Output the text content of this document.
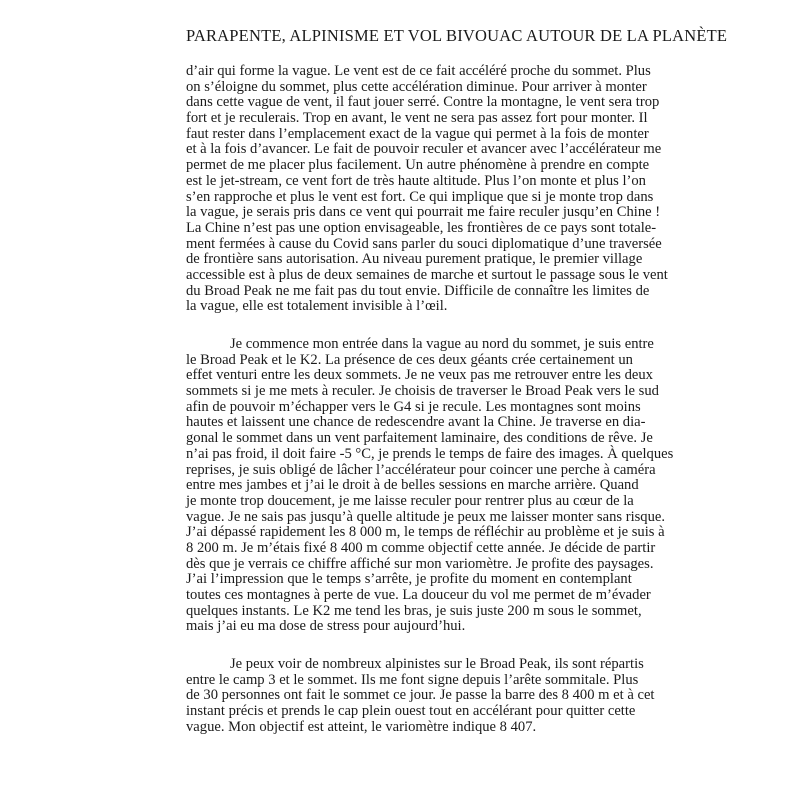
PARAPENTE, ALPINISME ET VOL BIVOUAC AUTOUR DE LA PLANÈTE
d’air qui forme la vague. Le vent est de ce fait accéléré proche du sommet. Plus
on s’éloigne du sommet, plus cette accélération diminue. Pour arriver à monter
dans cette vague de vent, il faut jouer serré. Contre la montagne, le vent sera trop
fort et je reculerais. Trop en avant, le vent ne sera pas assez fort pour monter. Il
faut rester dans l’emplacement exact de la vague qui permet à la fois de monter
et à la fois d’avancer. Le fait de pouvoir reculer et avancer avec l’accélérateur me
permet de me placer plus facilement. Un autre phénomène à prendre en compte
est le jet-stream, ce vent fort de très haute altitude. Plus l’on monte et plus l’on
s’en rapproche et plus le vent est fort. Ce qui implique que si je monte trop dans
la vague, je serais pris dans ce vent qui pourrait me faire reculer jusqu’en Chine !
La Chine n’est pas une option envisageable, les frontières de ce pays sont totale-
ment fermées à cause du Covid sans parler du souci diplomatique d’une traversée
de frontière sans autorisation. Au niveau purement pratique, le premier village
accessible est à plus de deux semaines de marche et surtout le passage sous le vent
du Broad Peak ne me fait pas du tout envie. Difficile de connaître les limites de
la vague, elle est totalement invisible à l’œil.
Je commence mon entrée dans la vague au nord du sommet, je suis entre
le Broad Peak et le K2. La présence de ces deux géants crée certainement un
effet venturi entre les deux sommets. Je ne veux pas me retrouver entre les deux
sommets si je me mets à reculer. Je choisis de traverser le Broad Peak vers le sud
afin de pouvoir m’échapper vers le G4 si je recule. Les montagnes sont moins
hautes et laissent une chance de redescendre avant la Chine. Je traverse en dia-
gonal le sommet dans un vent parfaitement laminaire, des conditions de rêve. Je
n’ai pas froid, il doit faire -5 °C, je prends le temps de faire des images. À quelques
reprises, je suis obligé de lâcher l’accélérateur pour coincer une perche à caméra
entre mes jambes et j’ai le droit à de belles sessions en marche arrière. Quand
je monte trop doucement, je me laisse reculer pour rentrer plus au cœur de la
vague. Je ne sais pas jusqu’à quelle altitude je peux me laisser monter sans risque.
J’ai dépassé rapidement les 8 000 m, le temps de réfléchir au problème et je suis à
8 200 m. Je m’étais fixé 8 400 m comme objectif cette année. Je décide de partir
dès que je verrais ce chiffre affiché sur mon variomètre. Je profite des paysages.
J’ai l’impression que le temps s’arrête, je profite du moment en contemplant
toutes ces montagnes à perte de vue. La douceur du vol me permet de m’évader
quelques instants. Le K2 me tend les bras, je suis juste 200 m sous le sommet,
mais j’ai eu ma dose de stress pour aujourd’hui.
Je peux voir de nombreux alpinistes sur le Broad Peak, ils sont répartis
entre le camp 3 et le sommet. Ils me font signe depuis l’arête sommitale. Plus
de 30 personnes ont fait le sommet ce jour. Je passe la barre des 8 400 m et à cet
instant précis et prends le cap plein ouest tout en accélérant pour quitter cette
vague. Mon objectif est atteint, le variomètre indique 8 407.
